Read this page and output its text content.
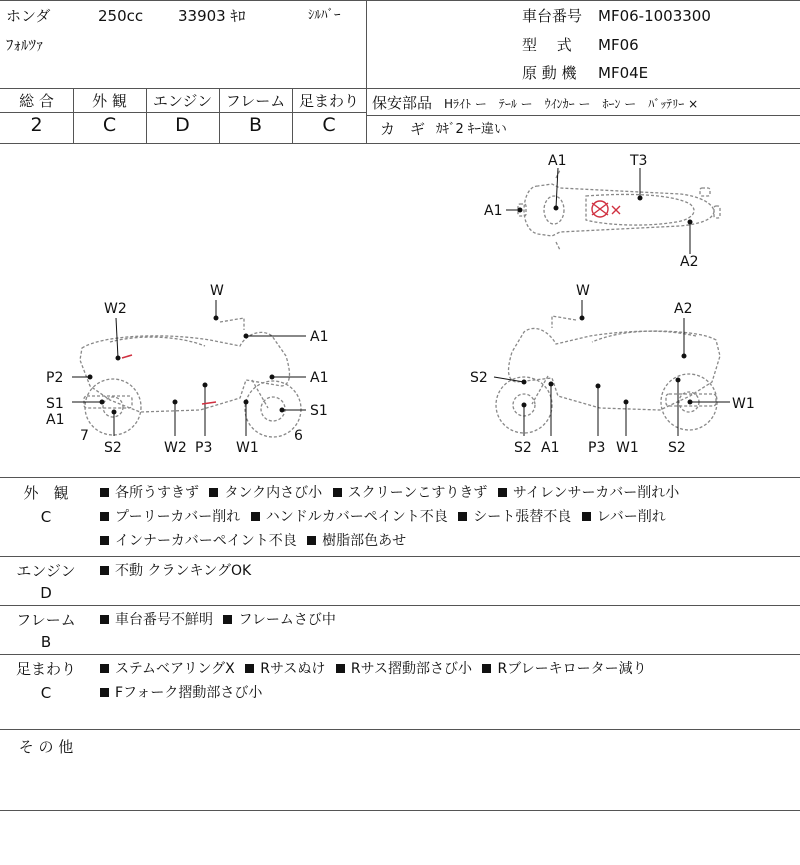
ホンダ	250cc 33903 ｷﾛ	ｼﾙﾊﾞｰ
ﾌｫﾙﾂｧ
車台番号 MF06-1003300
型　 式 MF06
原 動 機 MF04E
総 合	外 観	エンジン フレーム 足まわり
2	C	D	B	C
保安部品 Hﾗｲﾄ ー　ﾃｰﾙ ー　ｳｲﾝｶｰ ー　ﾎｰﾝ ー　ﾊﾞｯﾃﾘｰ ×
カ　ギ ｶｷﾞ2 ｷｰ違い
A1	T3
A1
A2
W
W2
A1
A1
P2
S1
A1
S1
7
S2	W2 P3 W1
6
W
A2
S2
W1
S2 A1 P3 W1 S2
外　観
C
各所うすきず タンク内さび小 スクリーンこすりきず サイレンサーカバー削れ小 プーリーカバー削れ ハンドルカバーペイント不良 シート張替不良 レバー削れ インナーカバーペイント不良 樹脂部色あせ
エンジン
D
不動 クランキングOK
フレーム
B
車台番号不鮮明 フレームさび中
足まわり
C
ステムベアリングX Rサスぬけ Rサス摺動部さび小 Rブレーキローター減り Fフォーク摺動部さび小
そ の 他
